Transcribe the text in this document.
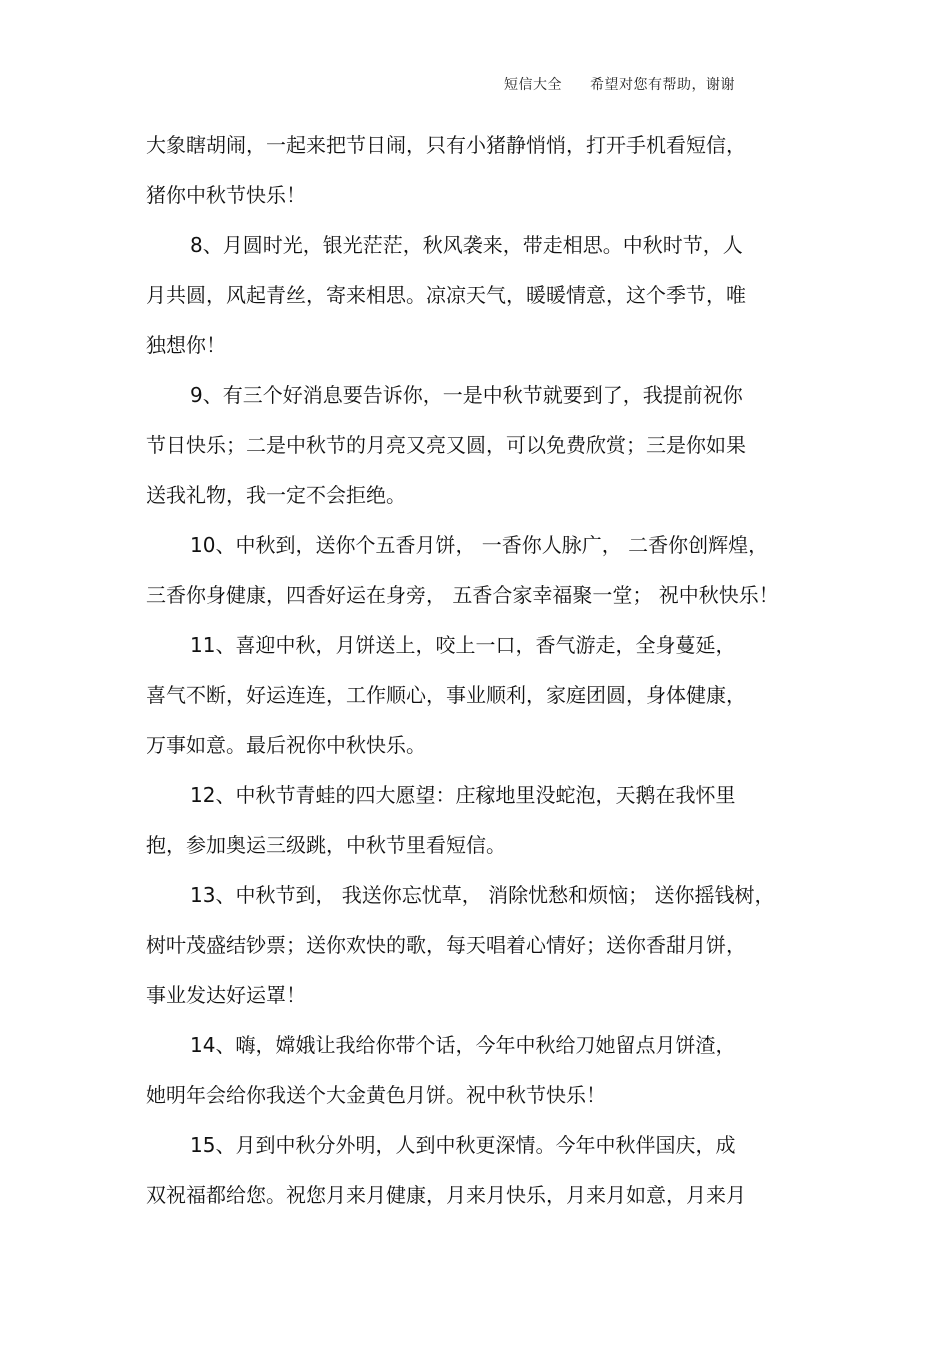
短信大全 希望对您有帮助，谢谢
大象瞎胡闹，一起来把节日闹，只有小猪静悄悄，打开手机看短信，
猪你中秋节快乐！
8、月圆时光，银光茫茫，秋风袭来，带走相思。中秋时节，人
月共圆，风起青丝，寄来相思。凉凉天气，暖暖情意，这个季节，唯
独想你！
9、有三个好消息要告诉你，一是中秋节就要到了，我提前祝你
节日快乐；二是中秋节的月亮又亮又圆，可以免费欣赏；三是你如果
送我礼物，我一定不会拒绝。
10、中秋到，送你个五香月饼， 一香你人脉广， 二香你创辉煌，
三香你身健康，四香好运在身旁， 五香合家幸福聚一堂； 祝中秋快乐！
11、喜迎中秋，月饼送上，咬上一口，香气游走，全身蔓延，
喜气不断，好运连连，工作顺心，事业顺利，家庭团圆，身体健康，
万事如意。最后祝你中秋快乐。
12、中秋节青蛙的四大愿望：庄稼地里没蛇泡，天鹅在我怀里
抱，参加奥运三级跳，中秋节里看短信。
13、中秋节到， 我送你忘忧草， 消除忧愁和烦恼； 送你摇钱树，
树叶茂盛结钞票；送你欢快的歌，每天唱着心情好；送你香甜月饼，
事业发达好运罩！
14、嗨，嫦娥让我给你带个话，今年中秋给刀她留点月饼渣，
她明年会给你我送个大金黄色月饼。祝中秋节快乐！
15、月到中秋分外明，人到中秋更深情。今年中秋伴国庆，成
双祝福都给您。祝您月来月健康，月来月快乐，月来月如意，月来月
